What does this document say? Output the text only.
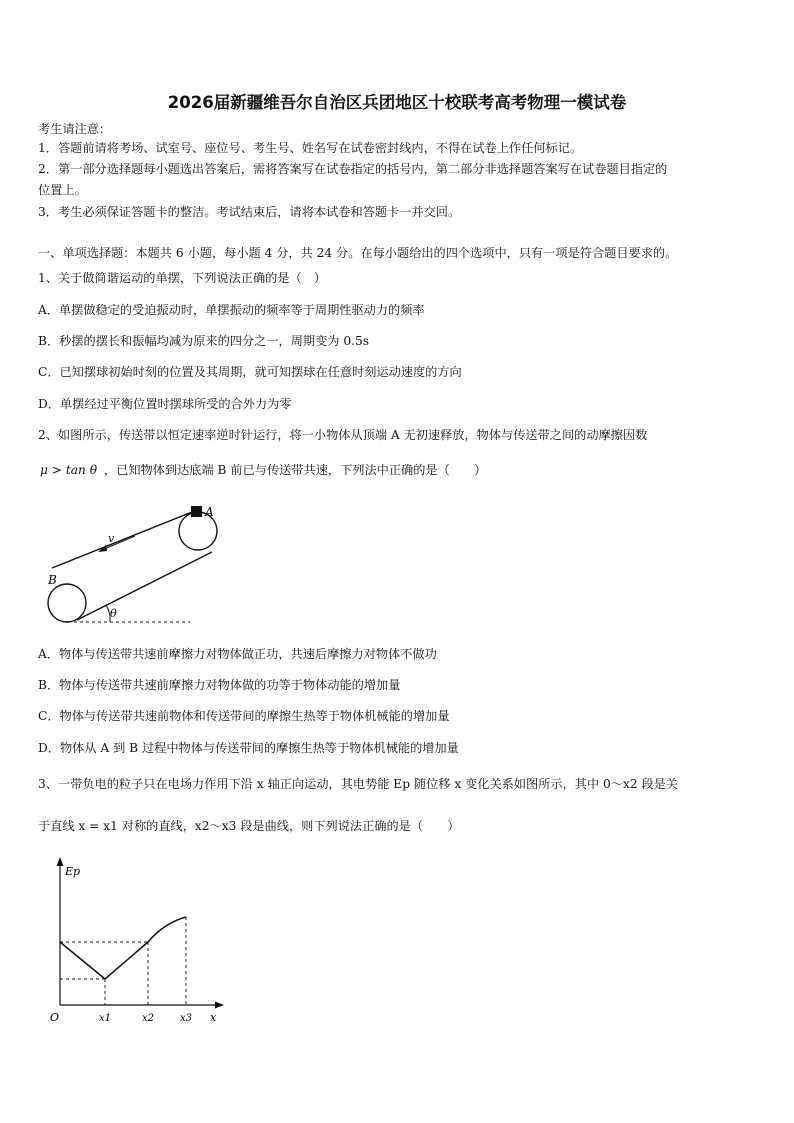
2026届新疆维吾尔自治区兵团地区十校联考高考物理一模试卷
考生请注意：
1．答题前请将考场、试室号、座位号、考生号、姓名写在试卷密封线内，不得在试卷上作任何标记。
2．第一部分选择题每小题选出答案后，需将答案写在试卷指定的括号内，第二部分非选择题答案写在试卷题目指定的
位置上。
3．考生必须保证答题卡的整洁。考试结束后，请将本试卷和答题卡一并交回。
一、单项选择题：本题共 6 小题，每小题 4 分，共 24 分。在每小题给出的四个选项中，只有一项是符合题目要求的。
1、关于做简谐运动的单摆，下列说法正确的是（　）
A．单摆做稳定的受迫振动时，单摆振动的频率等于周期性驱动力的频率
B．秒摆的摆长和振幅均减为原来的四分之一，周期变为 0.5s
C．已知摆球初始时刻的位置及其周期，就可知摆球在任意时刻运动速度的方向
D．单摆经过平衡位置时摆球所受的合外力为零
2、如图所示，传送带以恒定速率逆时针运行，将一小物体从顶端 A 无初速释放，物体与传送带之间的动摩擦因数
μ > tan θ ，已知物体到达底端 B 前已与传送带共速，下列法中正确的是（　　）
A
B
v
θ
A．物体与传送带共速前摩擦力对物体做正功，共速后摩擦力对物体不做功
B．物体与传送带共速前摩擦力对物体做的功等于物体动能的增加量
C．物体与传送带共速前物体和传送带间的摩擦生热等于物体机械能的增加量
D．物体从 A 到 B 过程中物体与传送带间的摩擦生热等于物体机械能的增加量
3、一带负电的粒子只在电场力作用下沿 x 轴正向运动，其电势能 Ep 随位移 x 变化关系如图所示，其中 0～x2 段是关
于直线 x = x1 对称的直线，x2～x3 段是曲线，则下列说法正确的是（　　）
Ep
x
O	x1	x2	x3
